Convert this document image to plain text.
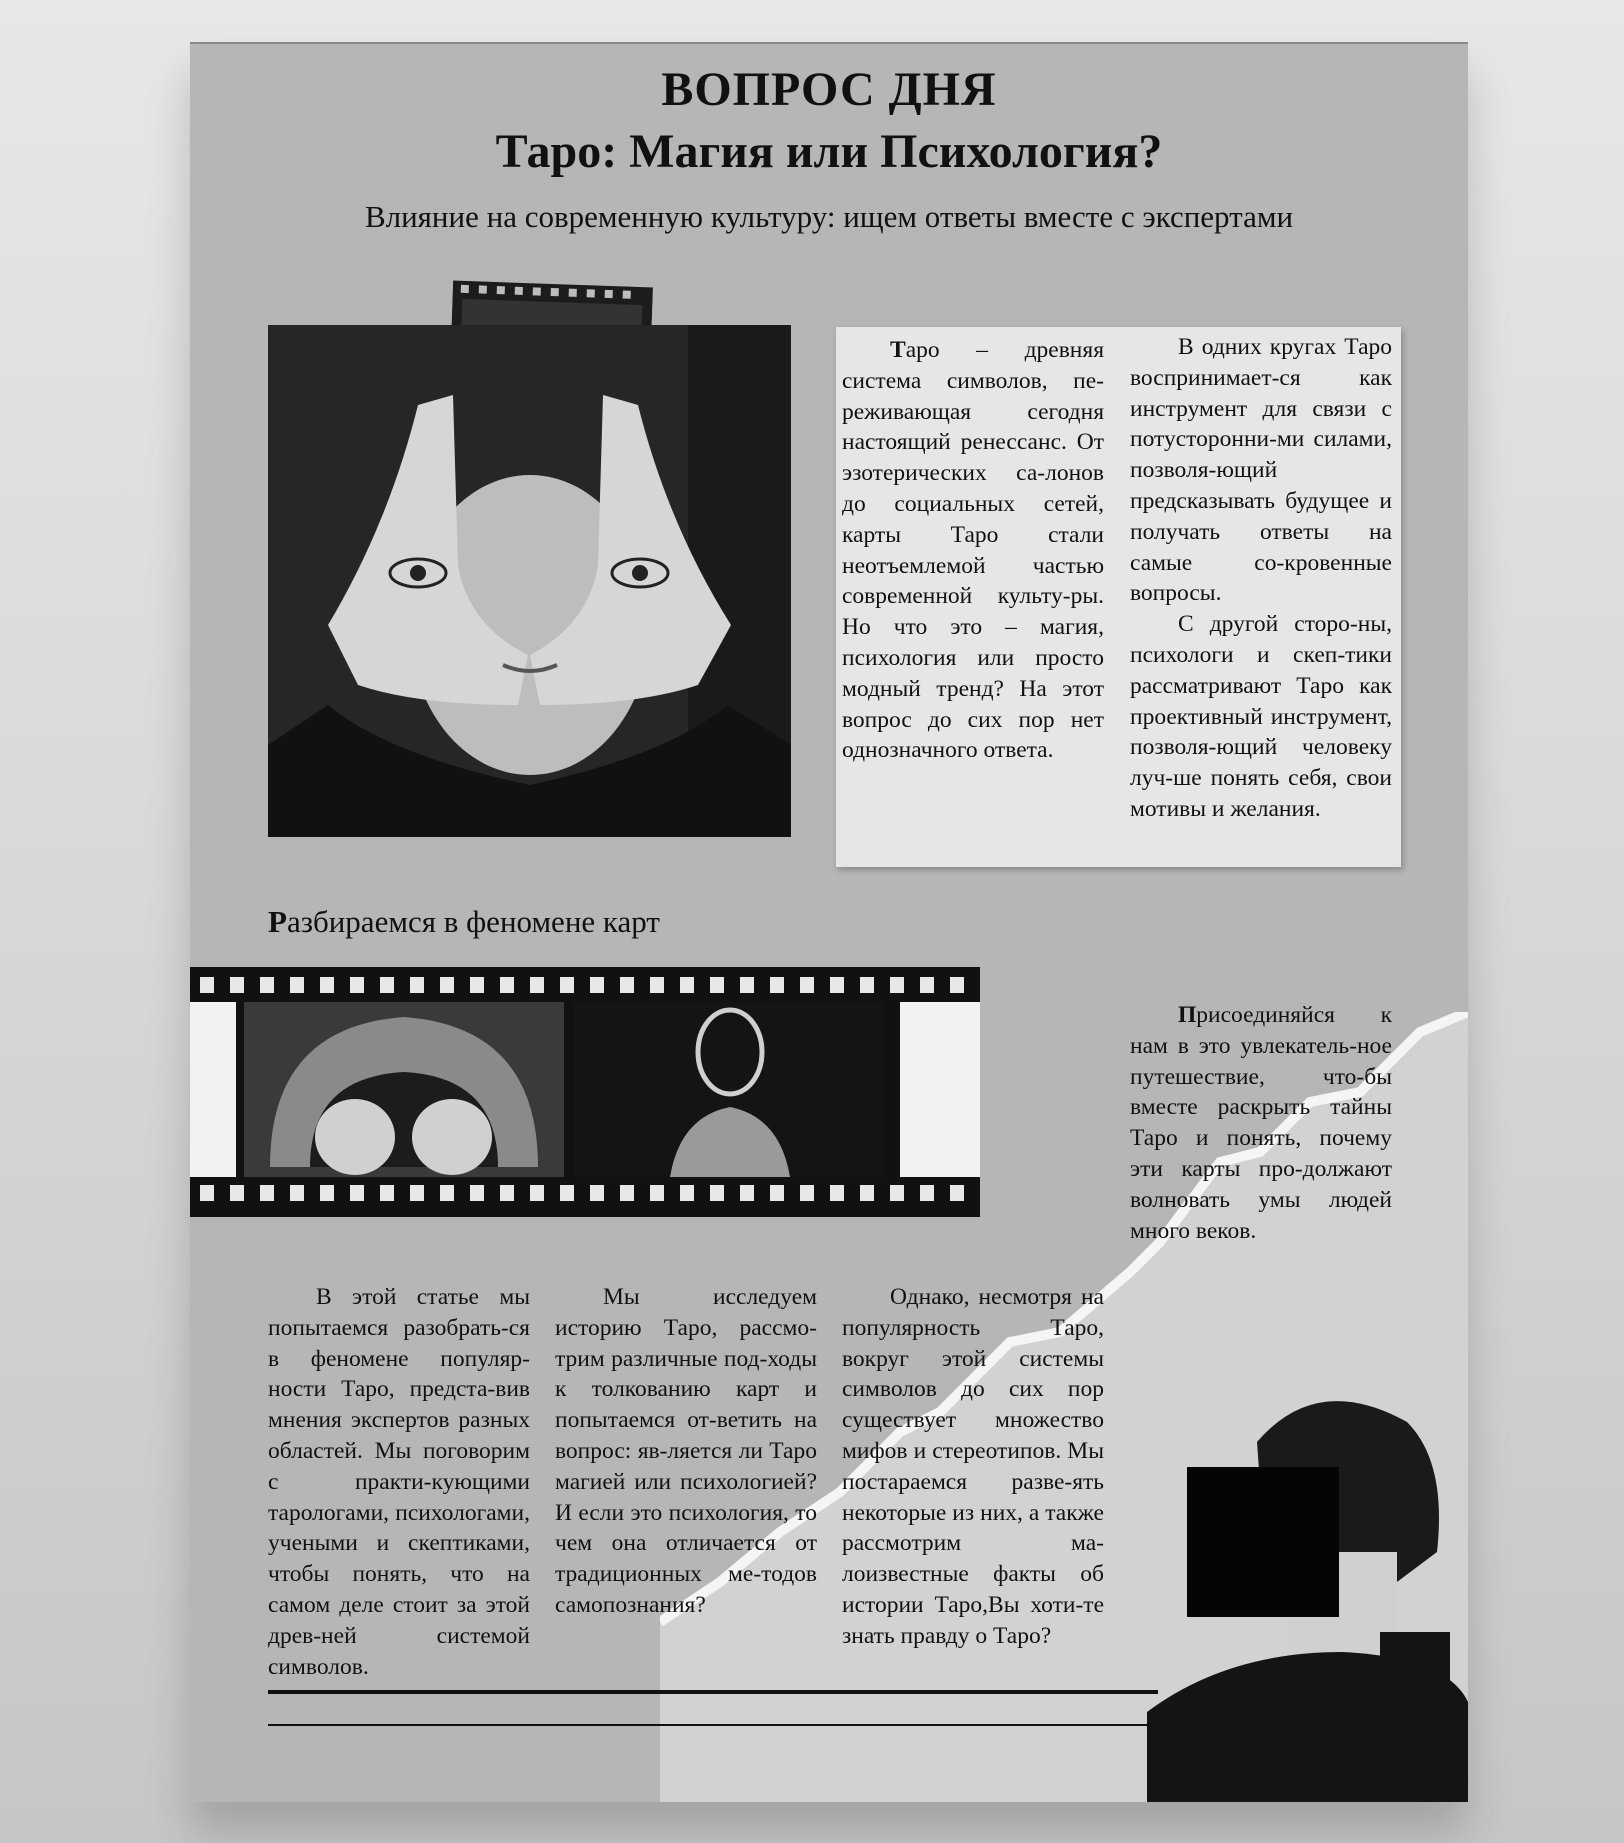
ВОПРОС ДНЯ
Таро: Магия или Психология?
Влияние на современную культуру: ищем ответы вместе с экспертами

Таро – древняя система символов, пе-реживающая сегодня настоящий ренессанс. От эзотерических са-лонов до социальных сетей, карты Таро стали неотъемлемой частью современной культу-ры. Но что это – магия, психология или просто модный тренд? На этот вопрос до сих пор нет однозначного ответа.

В одних кругах Таро воспринимает-ся как инструмент для связи с потусторонни-ми силами, позволя-ющий предсказывать будущее и получать ответы на самые со-кровенные вопросы.

С другой сторо-ны, психологи и скеп-тики рассматривают Таро как проективный инструмент, позволя-ющий человеку луч-ше понять себя, свои мотивы и желания.

Разбираемся в феномене карт

Присоединяйся к нам в это увлекатель-ное путешествие, что-бы вместе раскрыть тайны Таро и понять, почему эти карты про-должают волновать умы людей много веков.

В этой статье мы попытаемся разобрать-ся в феномене популяр-ности Таро, предста-вив мнения экспертов разных областей. Мы поговорим с практи-кующими тарологами, психологами, учеными и скептиками, чтобы понять, что на самом деле стоит за этой древ-ней системой символов.

Мы исследуем историю Таро, рассмо-трим различные под-ходы к толкованию карт и попытаемся от-ветить на вопрос: яв-ляется ли Таро магией или психологией? И если это психология, то чем она отличается от традиционных ме-тодов самопознания?

Однако, несмотря на популярность Таро, вокруг этой системы символов до сих пор существует множество мифов и стереотипов. Мы постараемся разве-ять некоторые из них, а также рассмотрим ма-лоизвестные факты об истории Таро,Вы хоти-те знать правду о Таро?
